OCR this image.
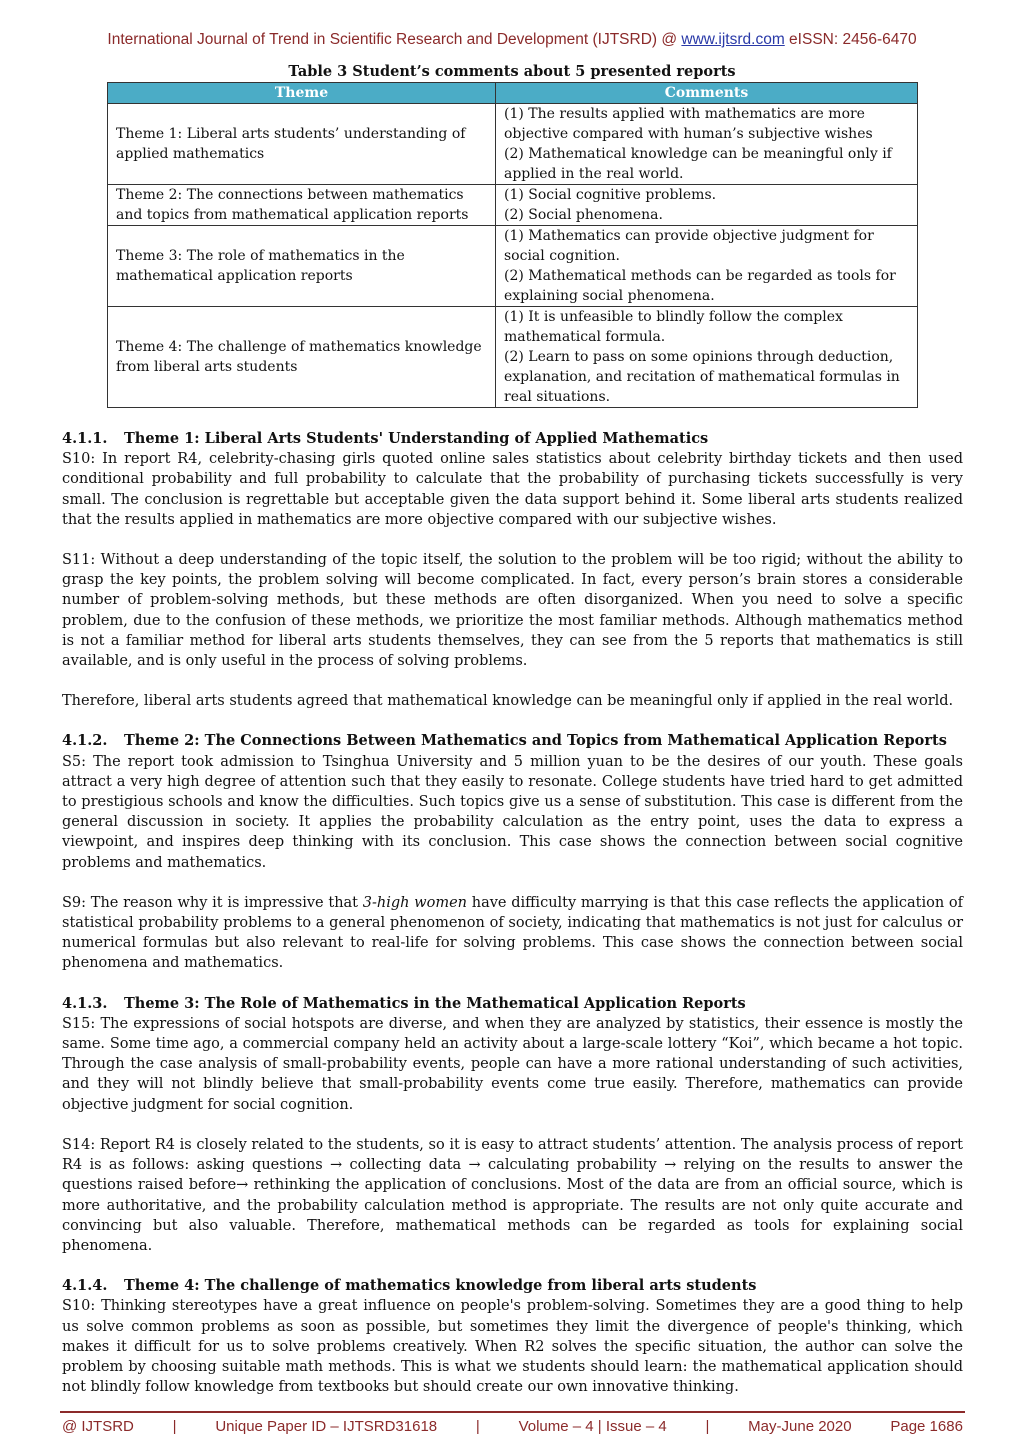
International Journal of Trend in Scientific Research and Development (IJTSRD) @ www.ijtsrd.com eISSN: 2456-6470
Table 3 Student’s comments about 5 presented reports
Theme	Comments
Theme 1: Liberal arts students’ understanding of applied mathematics	(1) The results applied with mathematics are more objective compared with human’s subjective wishes
(2) Mathematical knowledge can be meaningful only if applied in the real world.

Theme 2: The connections between mathematics and topics from mathematical application reports	(1) Social cognitive problems.
(2) Social phenomena.

Theme 3: The role of mathematics in the mathematical application reports	(1) Mathematics can provide objective judgment for social cognition.
(2) Mathematical methods can be regarded as tools for explaining social phenomena.

Theme 4: The challenge of mathematics knowledge from liberal arts students	(1) It is unfeasible to blindly follow the complex mathematical formula.
(2) Learn to pass on some opinions through deduction, explanation, and recitation of mathematical formulas in real situations.
4.1.1. Theme 1: Liberal Arts Students' Understanding of Applied Mathematics

S10: In report R4, celebrity-chasing girls quoted online sales statistics about celebrity birthday tickets and then used conditional probability and full probability to calculate that the probability of purchasing tickets successfully is very small. The conclusion is regrettable but acceptable given the data support behind it. Some liberal arts students realized that the results applied in mathematics are more objective compared with our subjective wishes.

S11: Without a deep understanding of the topic itself, the solution to the problem will be too rigid; without the ability to grasp the key points, the problem solving will become complicated. In fact, every person’s brain stores a considerable number of problem-solving methods, but these methods are often disorganized. When you need to solve a specific problem, due to the confusion of these methods, we prioritize the most familiar methods. Although mathematics method is not a familiar method for liberal arts students themselves, they can see from the 5 reports that mathematics is still available, and is only useful in the process of solving problems.

Therefore, liberal arts students agreed that mathematical knowledge can be meaningful only if applied in the real world.

4.1.2. Theme 2: The Connections Between Mathematics and Topics from Mathematical Application Reports

S5: The report took admission to Tsinghua University and 5 million yuan to be the desires of our youth. These goals attract a very high degree of attention such that they easily to resonate. College students have tried hard to get admitted to prestigious schools and know the difficulties. Such topics give us a sense of substitution. This case is different from the general discussion in society. It applies the probability calculation as the entry point, uses the data to express a viewpoint, and inspires deep thinking with its conclusion. This case shows the connection between social cognitive problems and mathematics.

S9: The reason why it is impressive that 3-high women have difficulty marrying is that this case reflects the application of statistical probability problems to a general phenomenon of society, indicating that mathematics is not just for calculus or numerical formulas but also relevant to real-life for solving problems. This case shows the connection between social phenomena and mathematics.

4.1.3. Theme 3: The Role of Mathematics in the Mathematical Application Reports

S15: The expressions of social hotspots are diverse, and when they are analyzed by statistics, their essence is mostly the same. Some time ago, a commercial company held an activity about a large-scale lottery “Koi”, which became a hot topic. Through the case analysis of small-probability events, people can have a more rational understanding of such activities, and they will not blindly believe that small-probability events come true easily. Therefore, mathematics can provide objective judgment for social cognition.

S14: Report R4 is closely related to the students, so it is easy to attract students’ attention. The analysis process of report R4 is as follows: asking questions → collecting data → calculating probability → relying on the results to answer the questions raised before→ rethinking the application of conclusions. Most of the data are from an official source, which is more authoritative, and the probability calculation method is appropriate. The results are not only quite accurate and convincing but also valuable. Therefore, mathematical methods can be regarded as tools for explaining social phenomena.

4.1.4. Theme 4: The challenge of mathematics knowledge from liberal arts students

S10: Thinking stereotypes have a great influence on people's problem-solving. Sometimes they are a good thing to help us solve common problems as soon as possible, but sometimes they limit the divergence of people's thinking, which makes it difficult for us to solve problems creatively. When R2 solves the specific situation, the author can solve the problem by choosing suitable math methods. This is what we students should learn: the mathematical application should not blindly follow knowledge from textbooks but should create our own innovative thinking.

@ IJTSRD	|	Unique Paper ID – IJTSRD31618	|	Volume – 4 | Issue – 4	|	May-June 2020	Page 1686
